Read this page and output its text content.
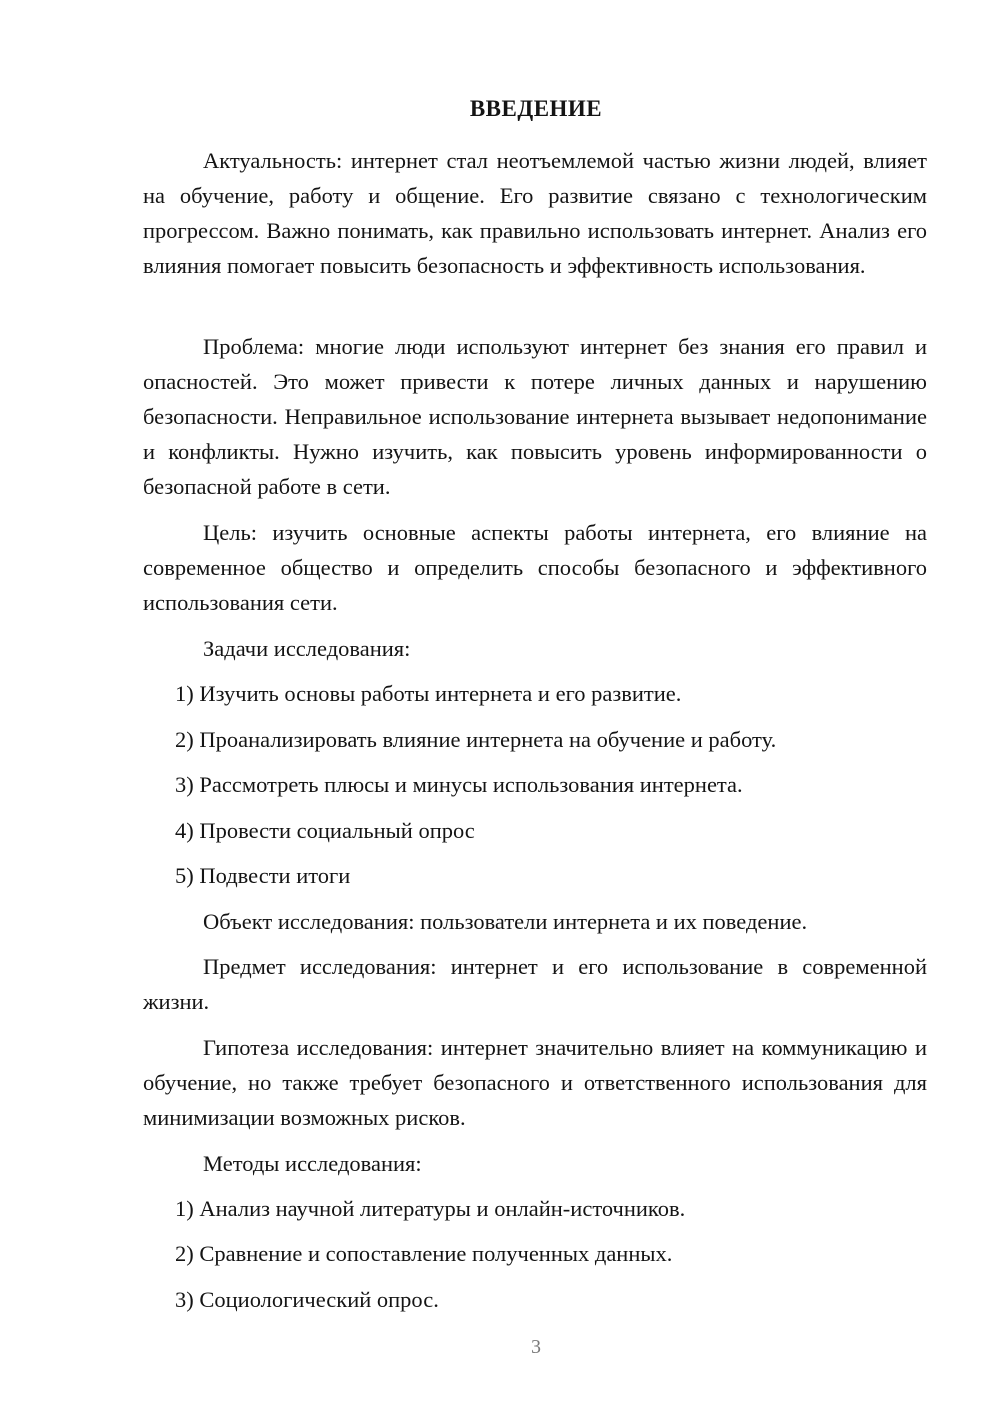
ВВЕДЕНИЕ

Актуальность: интернет стал неотъемлемой частью жизни людей, влияет на обучение, работу и общение. Его развитие связано с технологическим прогрессом. Важно понимать, как правильно использовать интернет. Анализ его влияния помогает повысить безопасность и эффективность использования.

Проблема: многие люди используют интернет без знания его правил и опасностей. Это может привести к потере личных данных и нарушению безопасности. Неправильное использование интернета вызывает недопонимание и конфликты. Нужно изучить, как повысить уровень информированности о безопасной работе в сети.

Цель: изучить основные аспекты работы интернета, его влияние на современное общество и определить способы безопасного и эффективного использования сети.

Задачи исследования:

1) Изучить основы работы интернета и его развитие.

2) Проанализировать влияние интернета на обучение и работу.

3) Рассмотреть плюсы и минусы использования интернета.

4) Провести социальный опрос

5) Подвести итоги

Объект исследования: пользователи интернета и их поведение.

Предмет исследования: интернет и его использование в современной жизни.

Гипотеза исследования: интернет значительно влияет на коммуникацию и обучение, но также требует безопасного и ответственного использования для минимизации возможных рисков.

Методы исследования:

1) Анализ научной литературы и онлайн-источников.

2) Сравнение и сопоставление полученных данных.

3) Социологический опрос.

3
